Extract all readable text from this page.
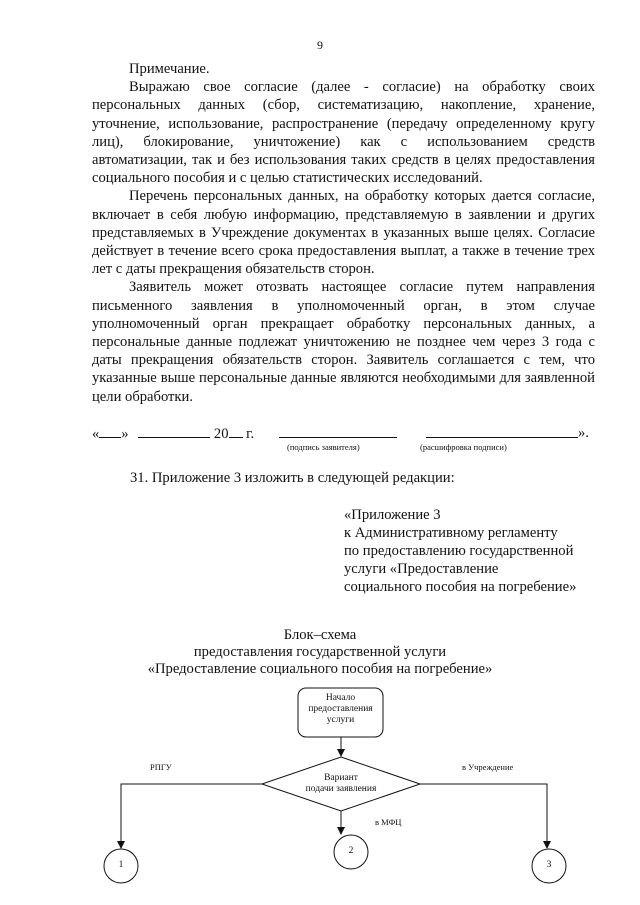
9

Примечание.

Выражаю свое согласие (далее - согласие) на обработку своих персональных данных (сбор, систематизацию, накопление, хранение, уточнение, использование, распространение (передачу определенному кругу лиц), блокирование, уничтожение) как с использованием средств автоматизации, так и без использования таких средств в целях предоставления социального пособия и с целью статистических исследований.

Перечень персональных данных, на обработку которых дается согласие, включает в себя любую информацию, представляемую в заявлении и других представляемых в Учреждение документах в указанных выше целях. Согласие действует в течение всего срока предоставления выплат, а также в течение трех лет с даты прекращения обязательств сторон.

Заявитель может отозвать настоящее согласие путем направления письменного заявления в уполномоченный орган, в этом случае уполномоченный орган прекращает обработку персональных данных, а персональные данные подлежат уничтожению не позднее чем через 3 года с даты прекращения обязательств сторон. Заявитель соглашается с тем, что указанные выше персональные данные являются необходимыми для заявленной цели обработки.

« »	20 г.	».
(подпись заявителя)	(расшифровка подписи)
31. Приложение 3 изложить в следующей редакции:
«Приложение 3
к Административному регламенту
по предоставлению государственной
услуги «Предоставление
социального пособия на погребение»
Блок–схема
предоставления государственной услуги
«Предоставление социального пособия на погребение»
Начало
предоставления
услуги
Вариант
подачи заявления
РПГУ	в Учреждение
в МФЦ
1
2
3
